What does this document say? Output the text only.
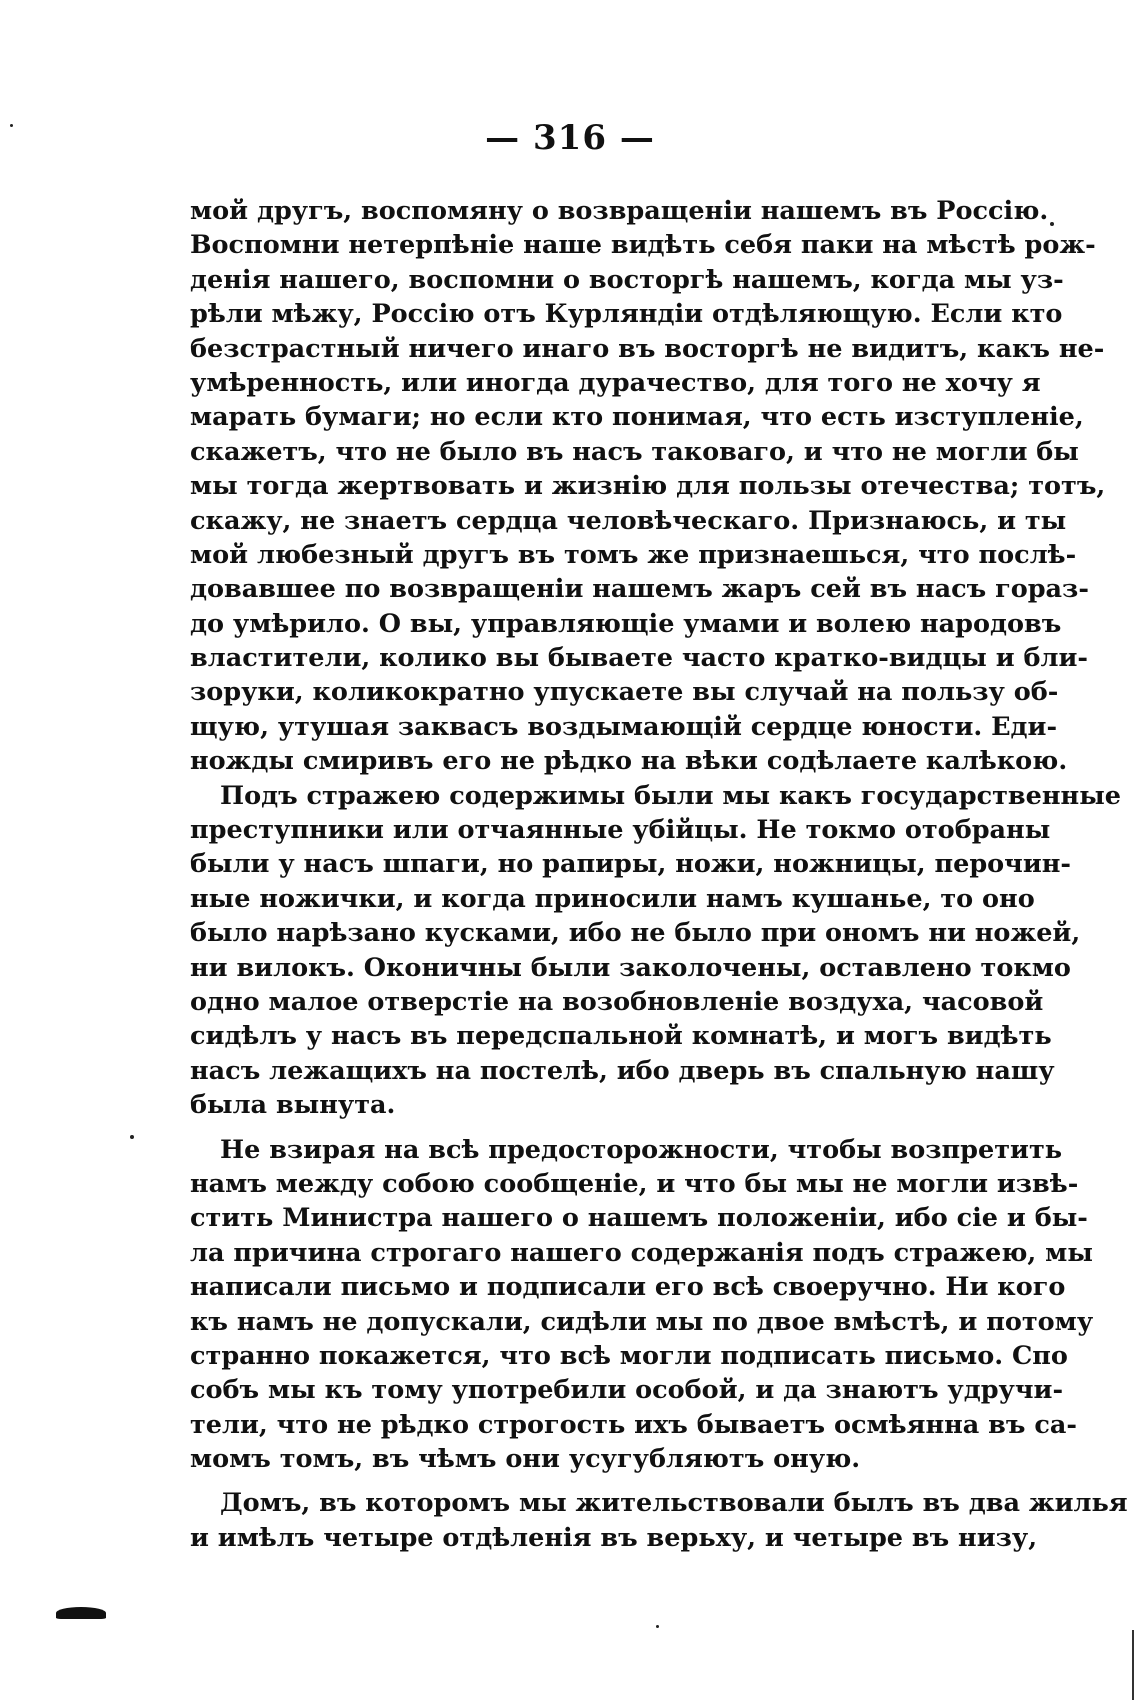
— 316 —
мой другъ, воспомяну о возвращеніи нашемъ въ Россію.
Воспомни нетерпѣніе наше видѣть себя паки на мѣстѣ рож-
денія нашего, воспомни о восторгѣ нашемъ, когда мы уз-
рѣли мѣжу, Россію отъ Курляндіи отдѣляющую. Если кто
безстрастный ничего инаго въ восторгѣ не видитъ, какъ не-
умѣренность, или иногда дурачество, для того не хочу я
марать бумаги; но если кто понимая, что есть изступленіе,
скажетъ, что не было въ насъ таковаго, и что не могли бы
мы тогда жертвовать и жизнію для пользы отечества; тотъ,
скажу, не знаетъ сердца человѣческаго. Признаюсь, и ты
мой любезный другъ въ томъ же признаешься, что послѣ-
довавшее по возвращеніи нашемъ жаръ сей въ насъ гораз-
до умѣрило. О вы, управляющіе умами и волею народовъ
властители, колико вы бываете часто кратко-видцы и бли-
зоруки, коликократно упускаете вы случай на пользу об-
щую, утушая заквасъ воздымающій сердце юности. Еди-
ножды смиривъ его не рѣдко на вѣки содѣлаете калѣкою.
Подъ стражею содержимы были мы какъ государственные
преступники или отчаянные убійцы. Не токмо отобраны
были у насъ шпаги, но рапиры, ножи, ножницы, перочин-
ные ножички, и когда приносили намъ кушанье, то оно
было нарѣзано кусками, ибо не было при ономъ ни ножей,
ни вилокъ. Оконичны были заколочены, оставлено токмо
одно малое отверстіе на возобновленіе воздуха, часовой
сидѣлъ у насъ въ передспальной комнатѣ, и могъ видѣть
насъ лежащихъ на постелѣ, ибо дверь въ спальную нашу
была вынута.
Не взирая на всѣ предосторожности, чтобы возпретить
намъ между собою сообщеніе, и что бы мы не могли извѣ-
стить Министра нашего о нашемъ положеніи, ибо сіе и бы-
ла причина строгаго нашего содержанія подъ стражею, мы
написали письмо и подписали его всѣ своеручно. Ни кого
къ намъ не допускали, сидѣли мы по двое вмѣстѣ, и потому
странно покажется, что всѣ могли подписать письмо. Спо
собъ мы къ тому употребили особой, и да знаютъ удручи-
тели, что не рѣдко строгость ихъ бываетъ осмѣянна въ са-
момъ томъ, въ чѣмъ они усугубляютъ оную.
Домъ, въ которомъ мы жительствовали былъ въ два жилья
и имѣлъ четыре отдѣленія въ верьху, и четыре въ низу,
